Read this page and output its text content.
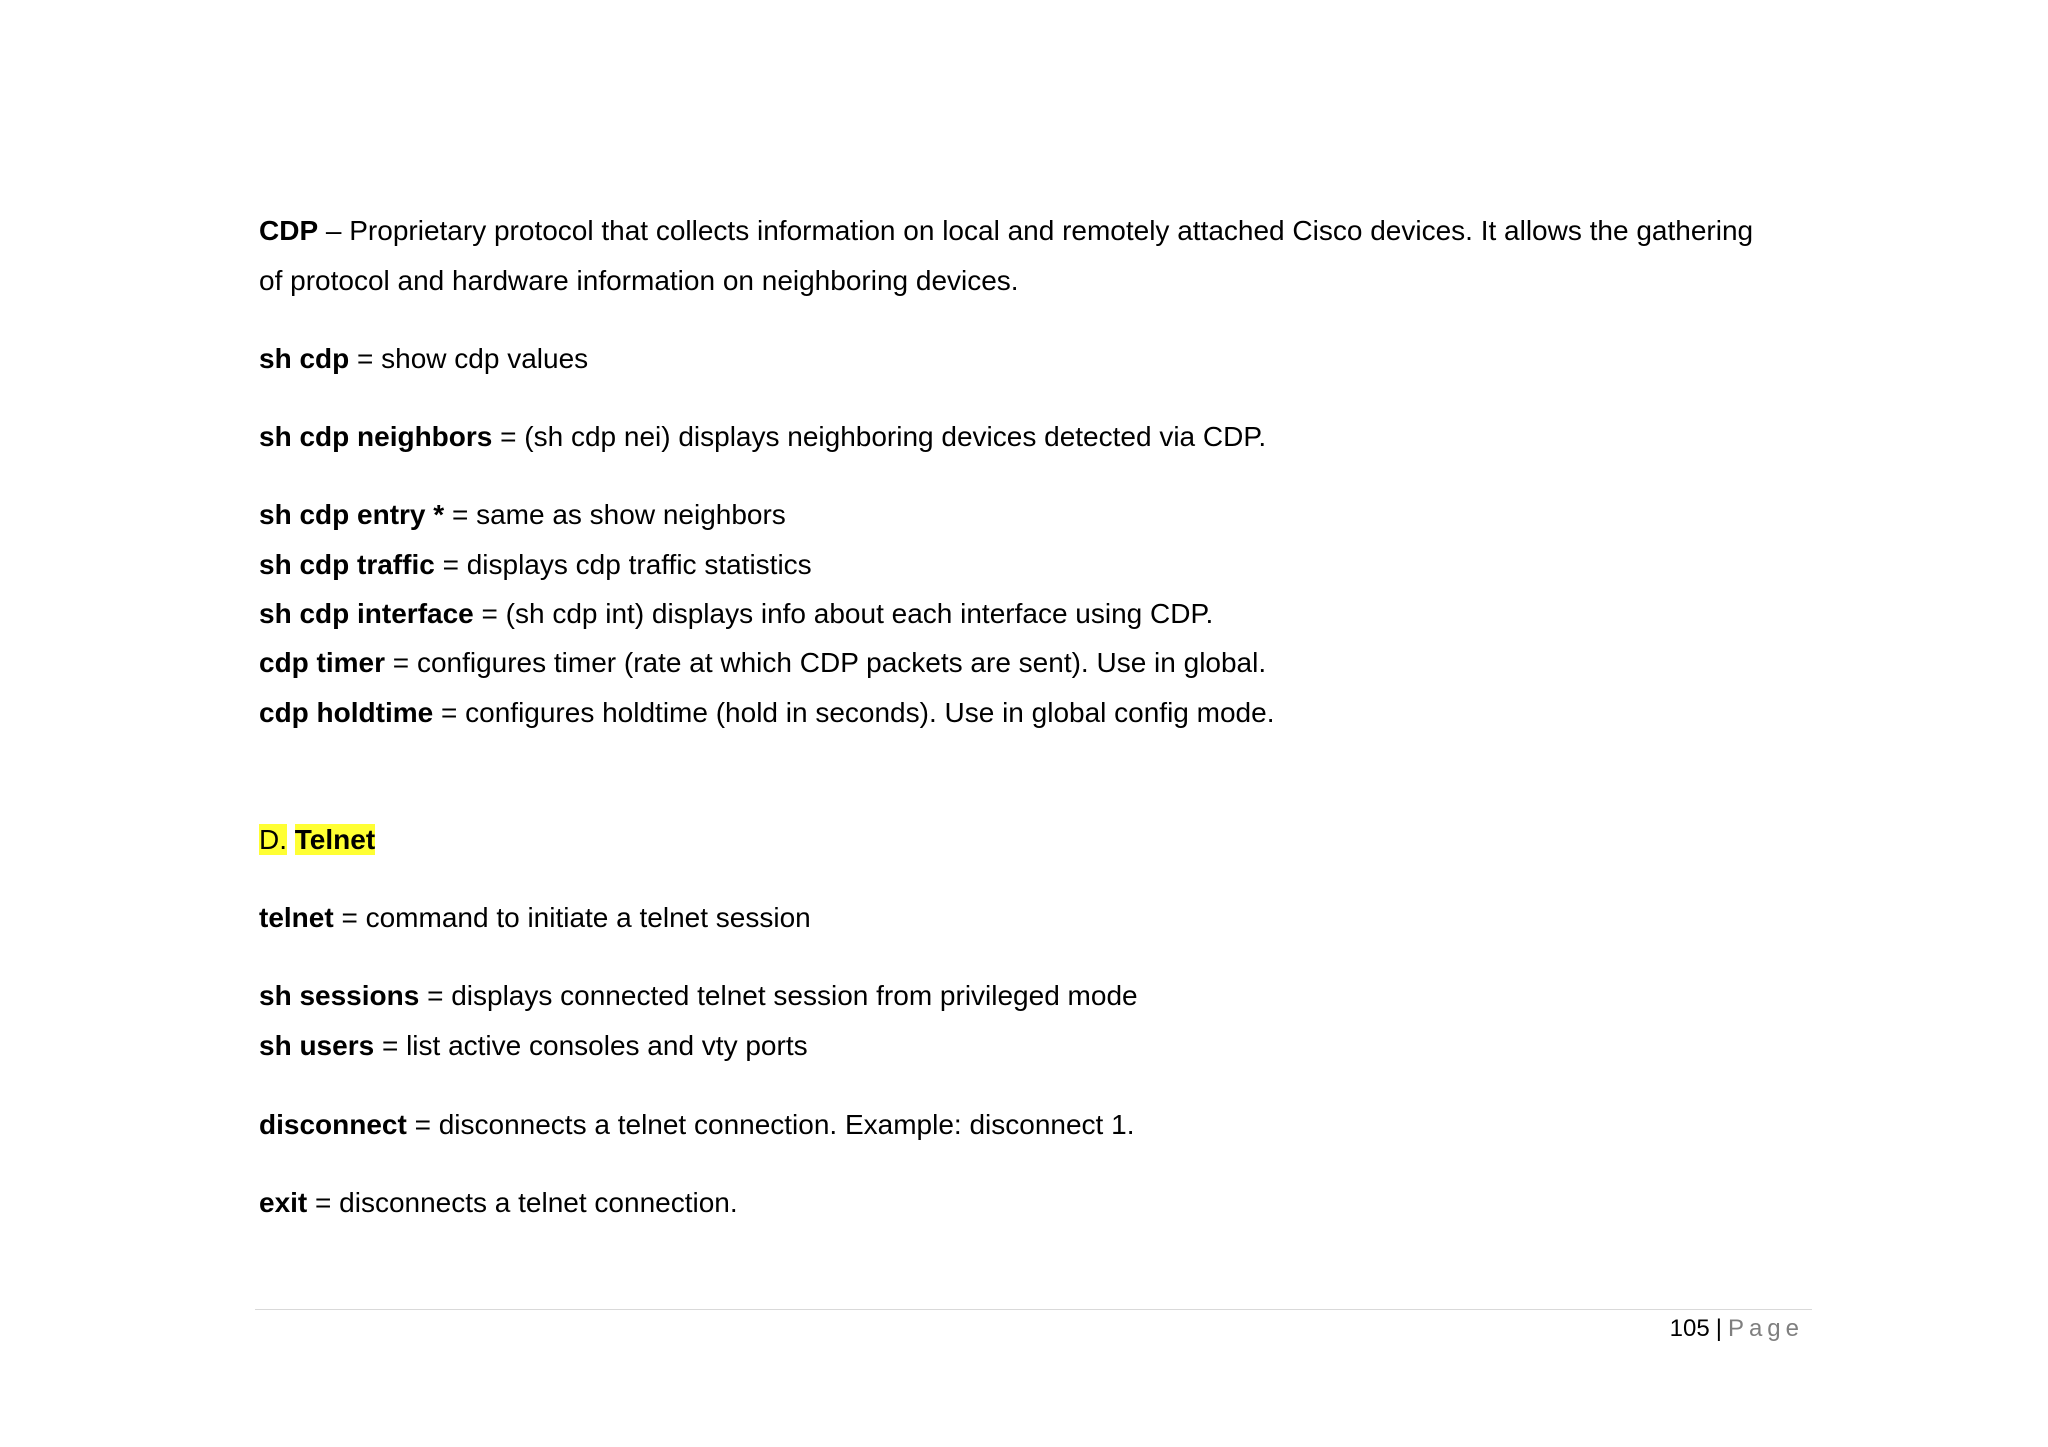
CDP – Proprietary protocol that collects information on local and remotely attached Cisco devices. It allows the gathering
of protocol and hardware information on neighboring devices.
sh cdp = show cdp values
sh cdp neighbors = (sh cdp nei) displays neighboring devices detected via CDP.
sh cdp entry * = same as show neighbors
sh cdp traffic = displays cdp traffic statistics
sh cdp interface = (sh cdp int) displays info about each interface using CDP.
cdp timer = configures timer (rate at which CDP packets are sent). Use in global.
cdp holdtime = configures holdtime (hold in seconds). Use in global config mode.
D. Telnet
telnet = command to initiate a telnet session
sh sessions = displays connected telnet session from privileged mode
sh users = list active consoles and vty ports
disconnect = disconnects a telnet connection. Example: disconnect 1.
exit = disconnects a telnet connection.
105 | Page
